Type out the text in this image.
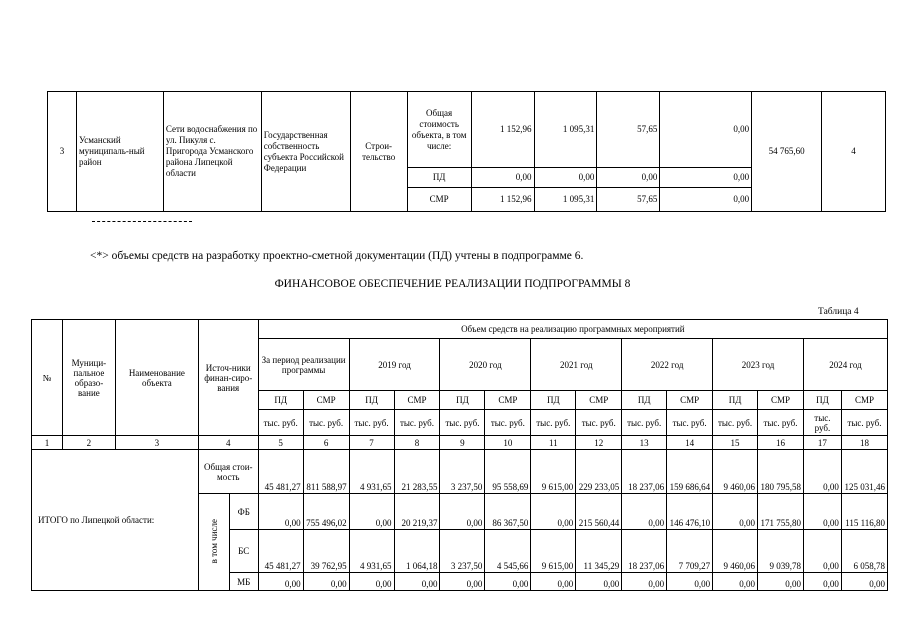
3	Усманский муниципаль-ный район	Сети водоснабжения по ул. Пикуля с. Пригорода Усманского района Липецкой области	Государственная собственность субъекта Российской Федерации	Строи-тельство	Общая стоимость объекта, в том числе:	1 152,96	1 095,31	57,65	0,00	54 765,60	4
					ПД	0,00	0,00	0,00	0,00		
					СМР	1 152,96	1 095,31	57,65	0,00		
<*> объемы средств на разработку проектно-сметной документации (ПД) учтены в подпрограмме 6.
ФИНАНСОВОЕ ОБЕСПЕЧЕНИЕ РЕАЛИЗАЦИИ ПОДПРОГРАММЫ 8
Таблица 4
№	Муници-пальное образо-вание	Наименование объекта	Источ-ники финан-сиро-вания		Объем средств на реализацию программных мероприятий													
					За период реализации программы		2019 год		2020 год		2021 год		2022 год		2023 год		2024 год	
					ПД	СМР	ПД	СМР	ПД	СМР	ПД	СМР	ПД	СМР	ПД	СМР	ПД	СМР
					тыс. руб.	тыс. руб.	тыс. руб.	тыс. руб.	тыс. руб.	тыс. руб.	тыс. руб.	тыс. руб.	тыс. руб.	тыс. руб.	тыс. руб.	тыс. руб.	тыс. руб.	тыс. руб.
1	2	3	4		5	6	7	8	9	10	11	12	13	14	15	16	17	18
ИТОГО по Липецкой области:			Общая стои-мость		45 481,27	811 588,97	4 931,65	21 283,55	3 237,50	95 558,69	9 615,00	229 233,05	18 237,06	159 686,64	9 460,06	180 795,58	0,00	125 031,46
			в том числе	ФБ	0,00	755 496,02	0,00	20 219,37	0,00	86 367,50	0,00	215 560,44	0,00	146 476,10	0,00	171 755,80	0,00	115 116,80
				БС	45 481,27	39 762,95	4 931,65	1 064,18	3 237,50	4 545,66	9 615,00	11 345,29	18 237,06	7 709,27	9 460,06	9 039,78	0,00	6 058,78
				МБ	0,00	0,00	0,00	0,00	0,00	0,00	0,00	0,00	0,00	0,00	0,00	0,00	0,00	0,00
